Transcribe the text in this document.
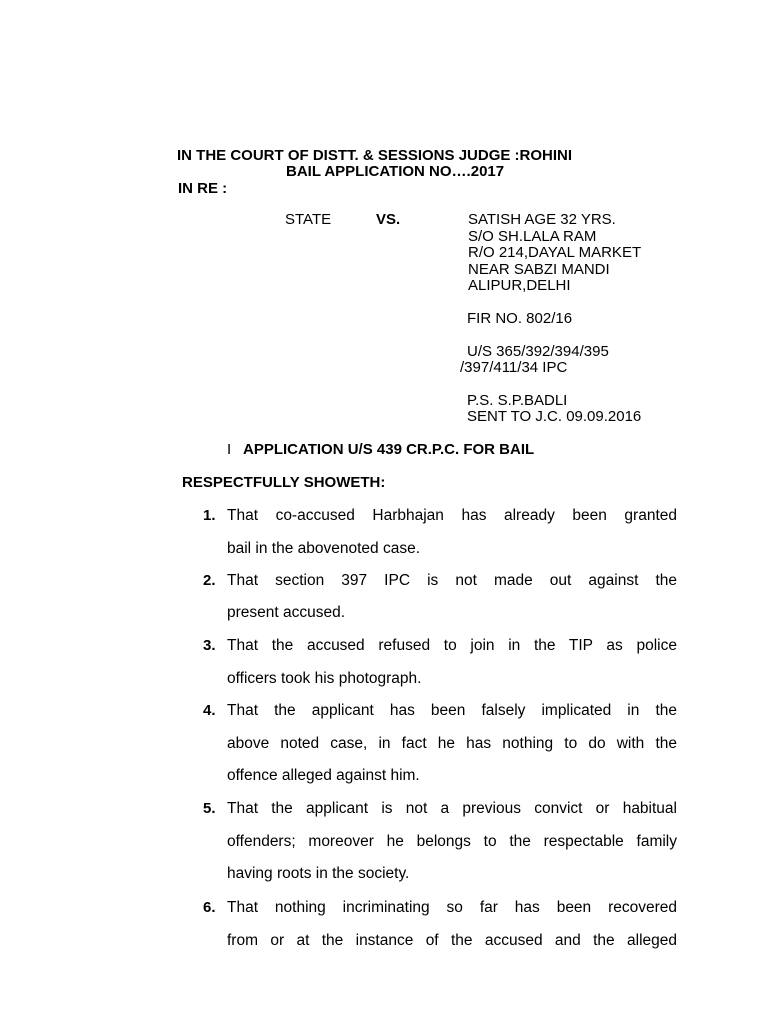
IN THE COURT OF DISTT. & SESSIONS JUDGE :ROHINI
BAIL APPLICATION NO….2017
IN RE :
STATE	VS.	SATISH AGE 32 YRS.
S/O SH.LALA RAM
R/O 214,DAYAL MARKET
NEAR SABZI MANDI
ALIPUR,DELHI
FIR NO. 802/16
U/S 365/392/394/395
/397/411/34 IPC
P.S. S.P.BADLI
SENT TO J.C. 09.09.2016
I APPLICATION U/S 439 CR.P.C. FOR BAIL
RESPECTFULLY SHOWETH:
1. That co-accused Harbhajan has already been granted
bail in the abovenoted case.
2. That section 397 IPC is not made out against the
present accused.
3. That the accused refused to join in the TIP as police
officers took his photograph.
4. That the applicant has been falsely implicated in the
above noted case, in fact he has nothing to do with the
offence alleged against him.
5. That the applicant is not a previous convict or habitual
offenders; moreover he belongs to the respectable family
having roots in the society.
6. That nothing incriminating so far has been recovered
from or at the instance of the accused and the alleged
